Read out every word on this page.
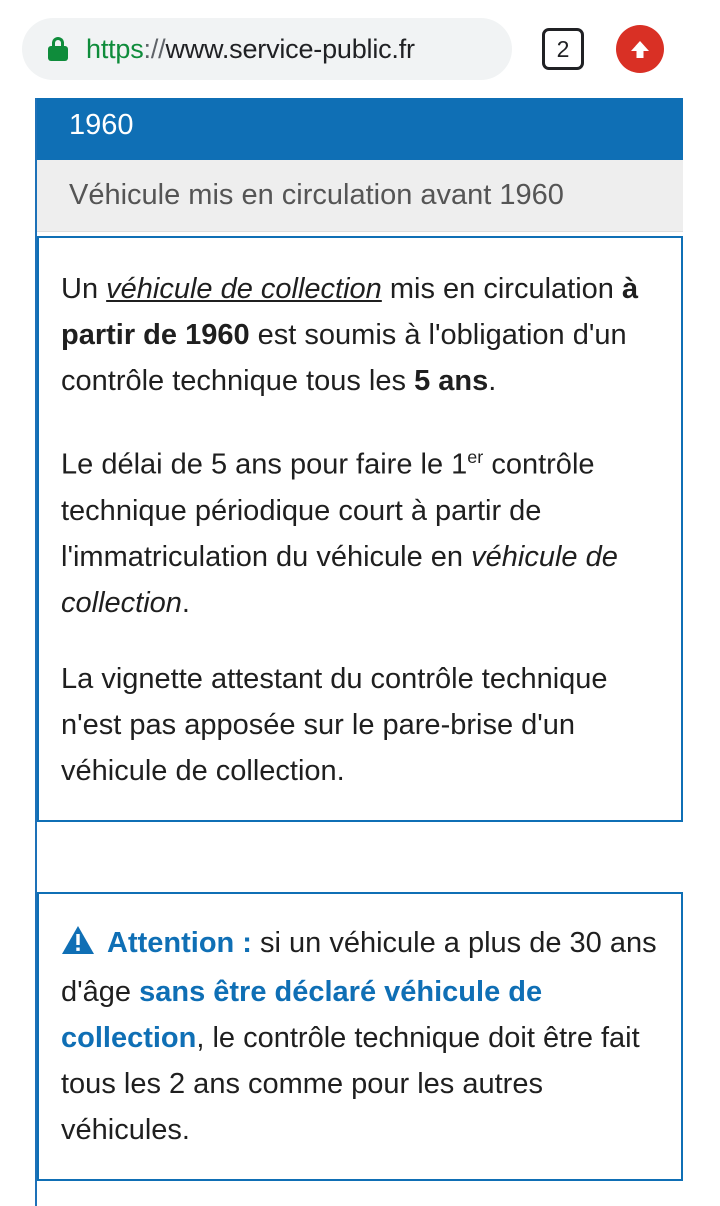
https://www.service-public.fr	2
1960
Véhicule mis en circulation avant 1960

Un véhicule de collection mis en circulation à partir de 1960 est soumis à l'obligation d'un contrôle technique tous les 5 ans.

Le délai de 5 ans pour faire le 1er contrôle technique périodique court à partir de l'immatriculation du véhicule en véhicule de collection.

La vignette attestant du contrôle technique n'est pas apposée sur le pare-brise d'un véhicule de collection.

Attention : si un véhicule a plus de 30 ans d'âge sans être déclaré véhicule de collection, le contrôle technique doit être fait tous les 2 ans comme pour les autres véhicules.
